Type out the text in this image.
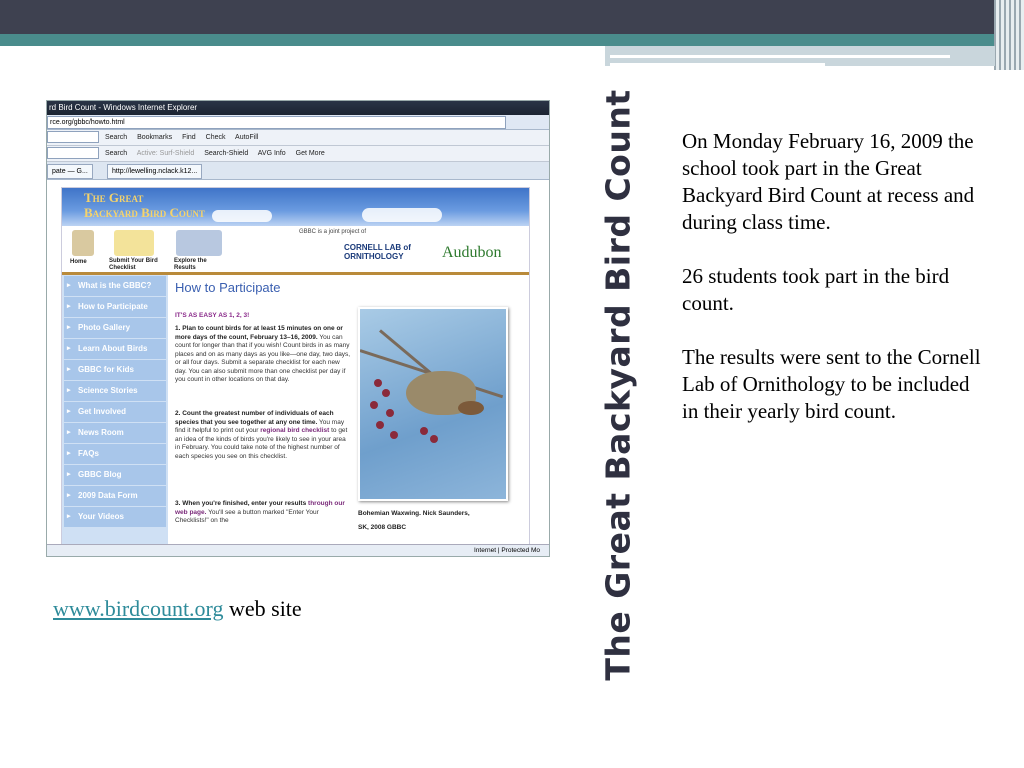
rd Bird Count - Windows Internet Explorer
rce.org/gbbc/howto.html
Search Bookmarks Find Check AutoFill
Search Active: Surf-Shield Search-Shield AVG Info Get More
pate — G...	http://lewelling.nclack.k12...
The Great
Backyard Bird Count
Home	Submit Your Bird Checklist
Explore the Results
GBBC is a joint project of
CORNELL LAB of ORNITHOLOGY	Audubon
▸ What is the GBBC?
▸ How to Participate
▸ Photo Gallery
▸ Learn About Birds
▸ GBBC for Kids
▸ Science Stories
▸ Get Involved
▸ News Room
▸ FAQs
▸ GBBC Blog
▸ 2009 Data Form
▸ Your Videos
How to Participate
IT'S AS EASY AS 1, 2, 3!
1. Plan to count birds for at least 15 minutes on one or more days of the count, February 13–16, 2009. You can count for longer than that if you wish! Count birds in as many places and on as many days as you like—one day, two days, or all four days. Submit a separate checklist for each new day. You can also submit more than one checklist per day if you count in other locations on that day.
2. Count the greatest number of individuals of each species that you see together at any one time. You may find it helpful to print out your regional bird checklist to get an idea of the kinds of birds you're likely to see in your area in February. You could take note of the highest number of each species you see on this checklist.
3. When you're finished, enter your results through our web page. You'll see a button marked "Enter Your Checklists!" on the
Bohemian Waxwing. Nick Saunders,
SK, 2008 GBBC
Internet | Protected Mo
www.birdcount.org web site	The Great Backyard Bird Count On Monday February 16, 2009 the school took part in the Great Backyard Bird Count at recess and during class time.

26 students took part in the bird count.

The results were sent to the Cornell Lab of Ornithology to be included in their yearly bird count.
